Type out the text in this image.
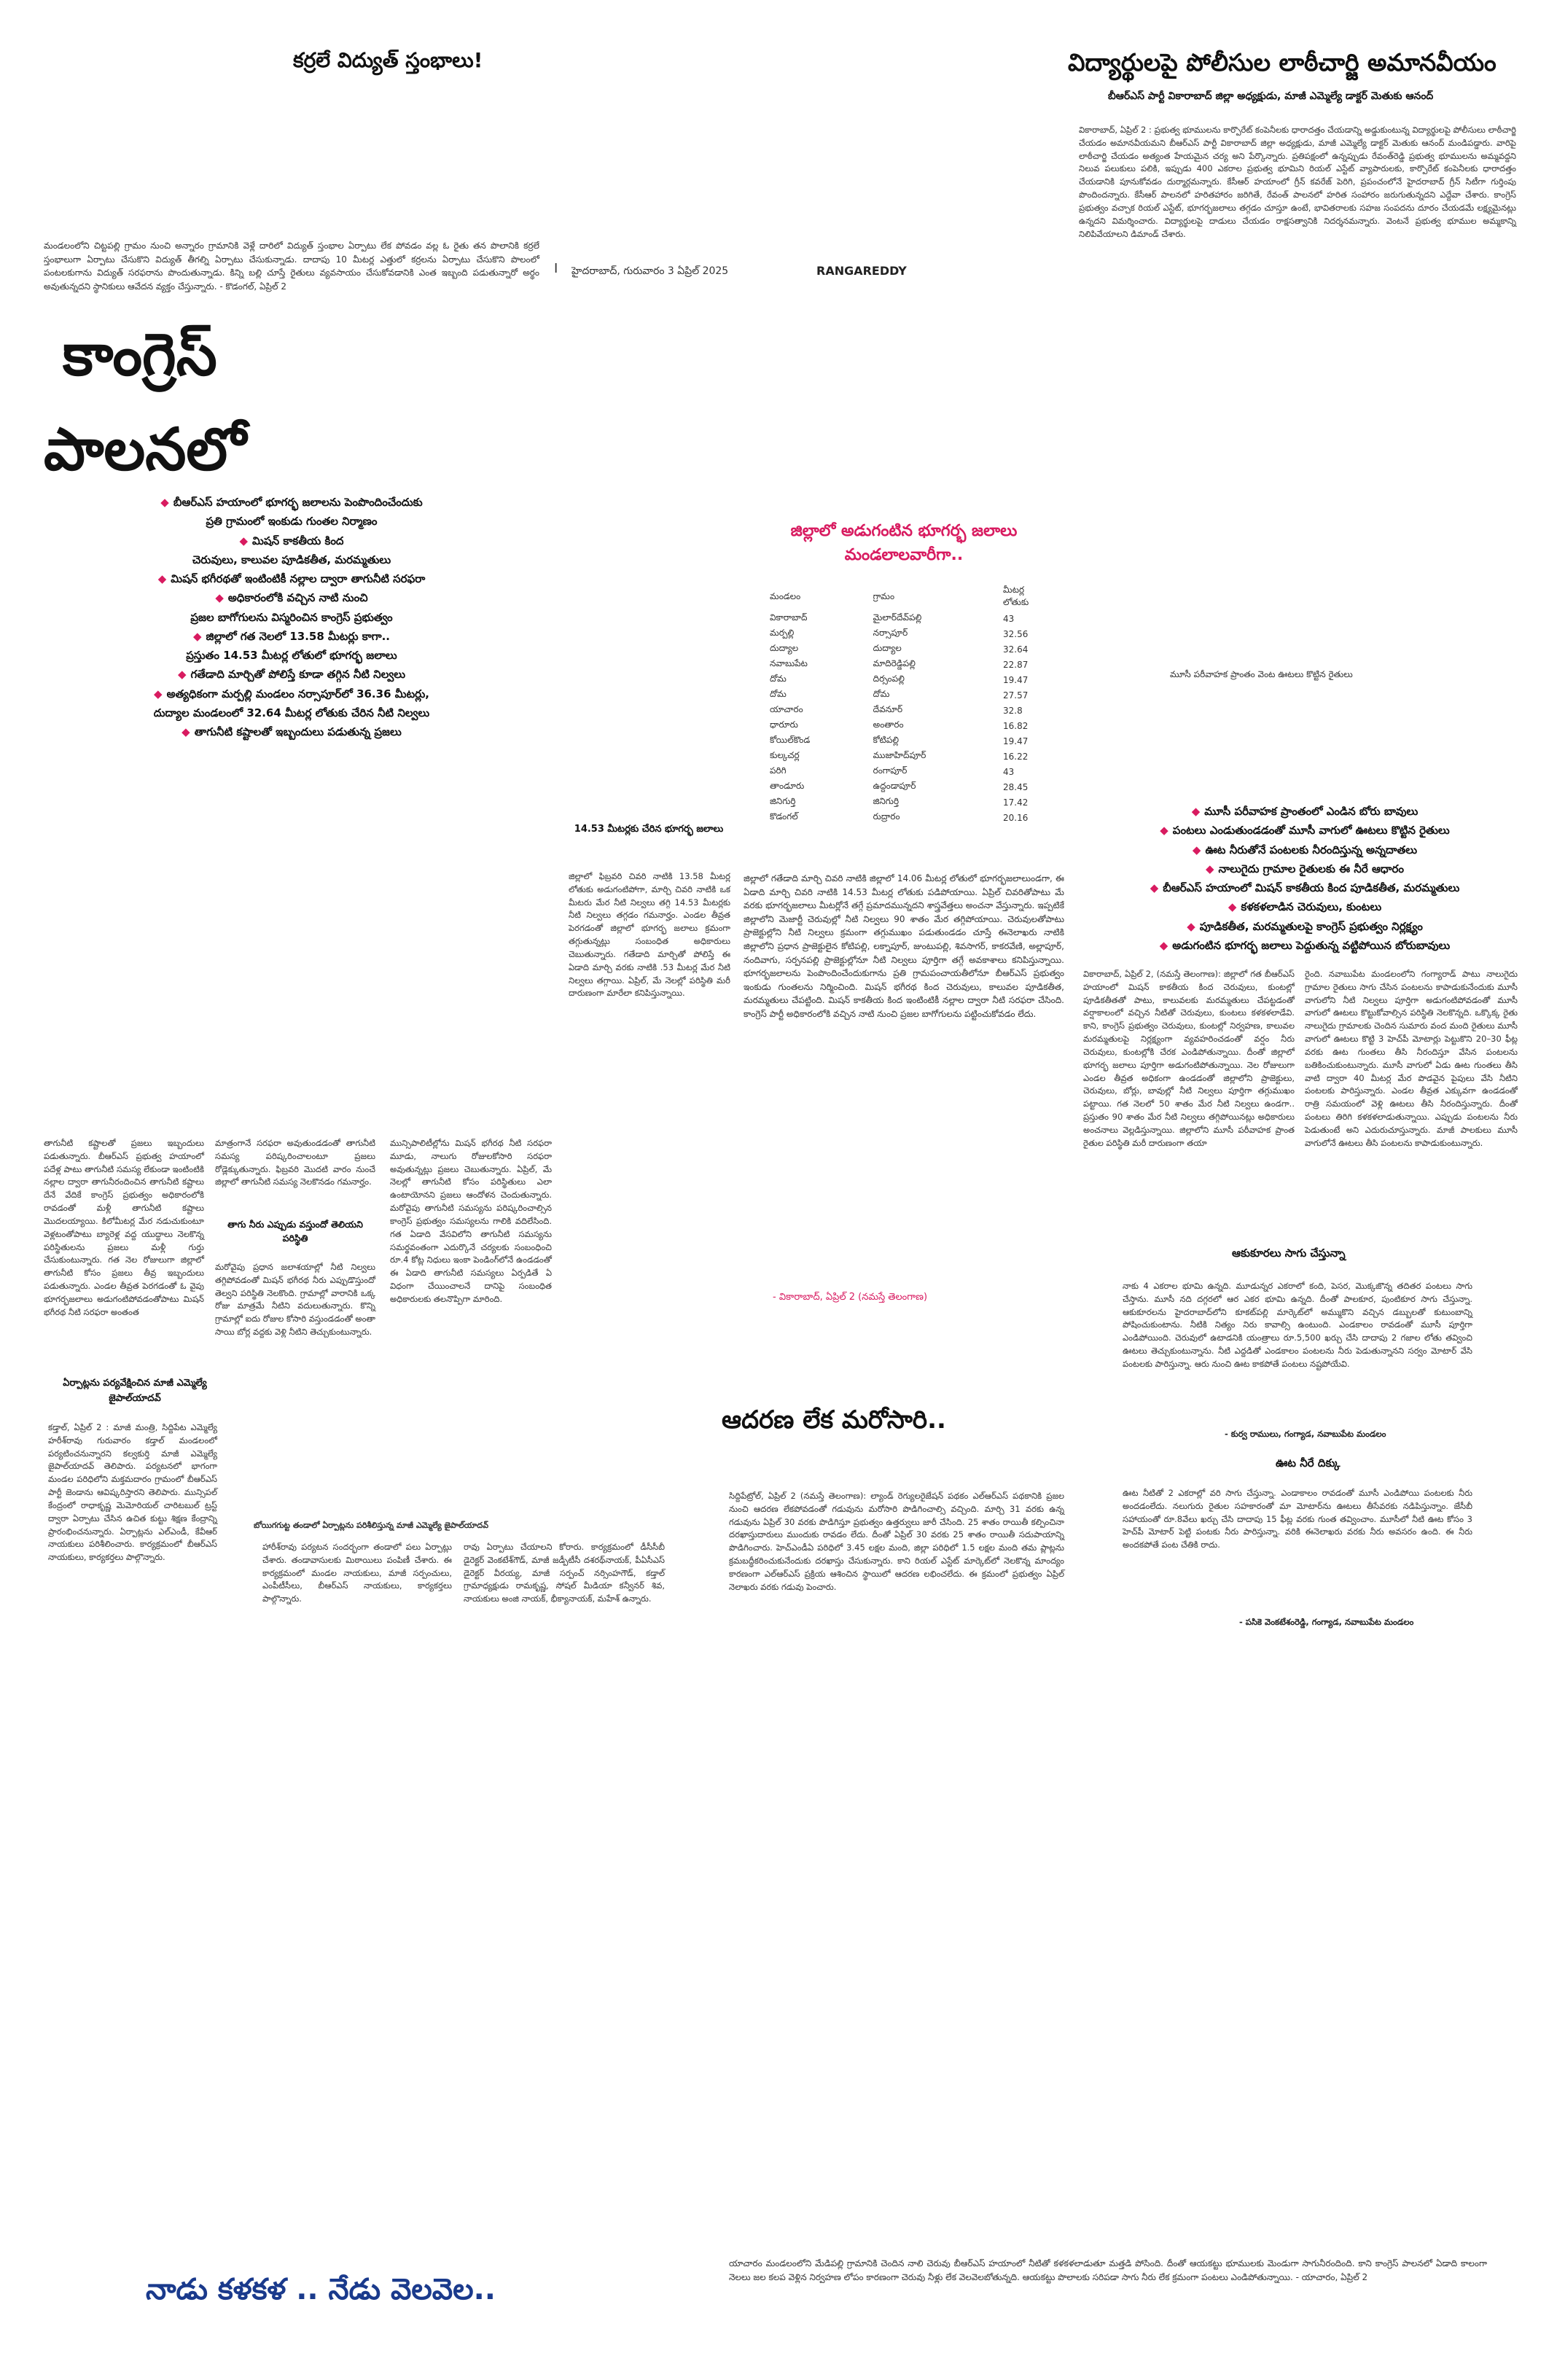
కర్రలే విద్యుత్ స్తంభాలు!
మండలంలోని చిట్టపల్లి గ్రామం నుంచి అన్నారం గ్రామానికి వెళ్లే దారిలో విద్యుత్ స్తంభాల ఏర్పాటు లేక పోవడం వల్ల ఓ రైతు తన పొలానికి కర్రలే స్తంభాలుగా ఏర్పాటు చేసుకొని విద్యుత్ తీగల్ని ఏర్పాటు చేసుకున్నాడు. దాదాపు 10 మీటర్ల ఎత్తులో కర్రలను ఏర్పాటు చేసుకొని పొలంలో పంటలకుగాను విద్యుత్ సరఫరాను పొందుతున్నాడు. కిన్ని బల్లి చూస్తే రైతులు వ్యవసాయం చేసుకోవడానికి ఎంత ఇబ్బంది పడుతున్నారో అర్థం అవుతున్నదని స్థానికులు ఆవేదన వ్యక్తం చేస్తున్నారు. - కొడంగల్, ఏప్రిల్ 2
I హైదరాబాద్, గురువారం 3 ఏప్రిల్ 2025	RANGAREDDY
విద్యార్థులపై పోలీసుల లాఠీచార్జి అమానవీయం
బీఆర్ఎస్ పార్టీ వికారాబాద్ జిల్లా అధ్యక్షుడు, మాజీ ఎమ్మెల్యే డాక్టర్ మెతుకు ఆనంద్
వికారాబాద్, ఏప్రిల్ 2 : ప్రభుత్వ భూములను కార్పొరేట్ కంపెనీలకు ధారాదత్తం చేయడాన్ని అడ్డుకుంటున్న విద్యార్థులపై పోలీసులు లాఠీచార్జి చేయడం అమానవీయమని బీఆర్ఎస్ పార్టీ వికారాబాద్ జిల్లా అధ్యక్షుడు, మాజీ ఎమ్మెల్యే డాక్టర్ మెతుకు ఆనంద్ మండిపడ్డారు. వారిపై లాఠీచార్జి చేయడం అత్యంత హేయమైన చర్య అని పేర్కొన్నారు. ప్రతిపక్షంలో ఉన్నప్పుడు రేవంత్‌రెడ్డి ప్రభుత్వ భూములను అమ్మవద్దని నిలువ పలుకులు పలికి, ఇప్పుడు 400 ఎకరాల ప్రభుత్వ భూమిని రియల్ ఎస్టేట్ వ్యాపారులకు, కార్పొరేట్ కంపెనీలకు ధారాదత్తం చేయడానికి పూనుకోవడం దుర్మార్గమన్నారు. కేసీఆర్ హయాంలో గ్రీన్ కవరేజ్ పెరిగి, ప్రపంచంలోనే హైదరాబాద్ గ్రీన్ సిటీగా గుర్తింపు పొందిందన్నారు. కేసీఆర్ పాలనలో హరితహారం జరిగితే, రేవంత్ పాలనలో హరిత సంహారం జరుగుతున్నదని ఎద్దేవా చేశారు. కాంగ్రెస్ ప్రభుత్వం వచ్చాక రియల్ ఎస్టేట్, భూగర్భజలాలు తగ్గడం చూస్తూ ఉంటే, భావితరాలకు సహజ సంపదను దూరం చేయడమే లక్ష్యమైనట్లు ఉన్నదని విమర్శించారు. విద్యార్థులపై దాడులు చేయడం రాక్షసత్వానికి నిదర్శనమన్నారు. వెంటనే ప్రభుత్వ భూముల అమ్మకాన్ని నిలిపివేయాలని డిమాండ్ చేశారు.
కాంగ్రెస్
పాలనలో
◆ బీఆర్ఎస్ హయాంలో భూగర్భ జలాలను పెంపొందించేందుకు
ప్రతి గ్రామంలో ఇంకుడు గుంతల నిర్మాణం
◆ మిషన్ కాకతీయ కింద
చెరువులు, కాలువల పూడికతీత, మరమ్మతులు
◆ మిషన్ భగీరథతో ఇంటింటికీ నల్లాల ద్వారా తాగునీటి సరఫరా
◆ అధికారంలోకి వచ్చిన నాటి నుంచి
ప్రజల బాగోగులను విస్మరించిన కాంగ్రెస్ ప్రభుత్వం
◆ జిల్లాలో గత నెలలో 13.58 మీటర్లు కాగా..
ప్రస్తుతం 14.53 మీటర్ల లోతులో భూగర్భ జలాలు
◆ గతేడాది మార్చితో పోలిస్తే కూడా తగ్గిన నీటి నిల్వలు
◆ అత్యధికంగా మర్పల్లి మండలం నర్సాపూర్‌లో 36.36 మీటర్లు,
దుద్యాల మండలంలో 32.64 మీటర్ల లోతుకు చేరిన నీటి నిల్వలు
◆ తాగునీటి కష్టాలతో ఇబ్బందులు పడుతున్న ప్రజలు
14.53 మీటర్లకు చేరిన భూగర్భ జలాలు
జిల్లాలో ఫిబ్రవరి చివరి నాటికి 13.58 మీటర్ల లోతుకు అడుగంటిపోగా, మార్చి చివరి నాటికి ఒక మీటరు మేర నీటి నిల్వలు తగ్గి 14.53 మీటర్లకు నీటి నిల్వలు తగ్గడం గమనార్హం. ఎండల తీవ్రత పెరగడంతో జిల్లాలో భూగర్భ జలాలు క్రమంగా తగ్గుతున్నట్లు సంబంధిత అధికారులు చెబుతున్నారు. గతేడాది మార్చితో పోలిస్తే ఈ ఏడాది మార్చి వరకు నాటికి .53 మీటర్ల మేర నీటి నిల్వలు తగ్గాయి. ఏప్రిల్, మే నెలల్లో పరిస్థితి మరీ దారుణంగా మారేలా కనిపిస్తున్నాయి.
తాగునీటి కష్టాలతో ప్రజలు ఇబ్బందులు పడుతున్నారు. బీఆర్ఎస్ ప్రభుత్వ హయాంలో పదేళ్ల పాటు తాగునీటి సమస్య లేకుండా ఇంటింటికి నల్లాల ద్వారా తాగునీరందించిన తాగునీటి కష్టాలు దేనే వేదికే కాంగ్రెస్ ప్రభుత్వం అధికారంలోకి రావడంతో మళ్లీ తాగునీటి కష్టాలు మొదలయ్యాయి. కిలోమీటర్ల మేర నడుచుకుంటూ వెళ్లటంతోపాటు బ్యారెళ్ల వద్ద యుద్ధాలు నెలకొన్న పరిస్థితులను ప్రజలు మళ్లీ గుర్తు చేసుకుంటున్నారు. గత నెల రోజులుగా జిల్లాలో తాగునీటి కోసం ప్రజలు తీవ్ర ఇబ్బందులు పడుతున్నారు. ఎండల తీవ్రత పెరగడంతో ఓ వైపు భూగర్భజలాలు అడుగంటిపోవడంతోపాటు మిషన్ భగీరథ నీటి సరఫరా అంతంత
మాత్రంగానే సరఫరా అవుతుండడంతో తాగునీటి సమస్య పరిష్కరించాలంటూ ప్రజలు రోడ్లెక్కుతున్నారు. ఫిబ్రవరి మొదటి వారం నుంచే జిల్లాలో తాగునీటి సమస్య నెలకొనడం గమనార్హం.
తాగు నీరు ఎప్పుడు వస్తుందో తెలియని పరిస్థితి
మరోవైపు ప్రధాన జలాశయాల్లో నీటి నిల్వలు తగ్గిపోవడంతో మిషన్ భగీరథ నీరు ఎప్పుడొస్తుందో తెల్వని పరిస్థితి నెలకొంది. గ్రామాల్లో వారానికి ఒక్క రోజు మాత్రమే నీటిని వదులుతున్నారు. కొన్ని గ్రామాల్లో ఐదు రోజుల కోసారి వస్తుండడంతో అంతా సాయి బోర్ల వద్దకు వెళ్లి నీటిని తెచ్చుకుంటున్నారు.
మున్సిపాలిటీల్లోను మిషన్ భగీరథ నీటి సరఫరా మూడు, నాలుగు రోజులకోసారి సరఫరా అవుతున్నట్లు ప్రజలు చెబుతున్నారు. ఏప్రిల్, మే నెలల్లో తాగునీటి కోసం పరిస్థితులు ఎలా ఉంటాయోనని ప్రజలు ఆందోళన చెందుతున్నారు. మరోవైపు తాగునీటి సమస్యను పరిష్కరించాల్సిన కాంగ్రెస్ ప్రభుత్వం సమస్యలను గాలికి వదిలేసింది. గత ఏడాది వేసవిలోని తాగునీటి సమస్యను సమర్థవంతంగా ఎదుర్కొనే చర్యలకు సంబంధించి రూ.4 కోట్ల నిధులు ఇంకా పెండింగ్‌లోనే ఉండడంతో ఈ ఏడాది తాగునీటి సమస్యలు ఏర్పడితే ఏ విధంగా చేయించాలనే దానిపై సంబంధిత అధికారులకు తలనొప్పిగా మారింది.
జిల్లాలో అడుగంటిన భూగర్భ జలాలు మండలాలవారీగా..
మండలం	గ్రామం	మీటర్ల లోతుకు
వికారాబాద్	మైలార్‌దేవ్‌పల్లి	43
మర్పల్లి	నర్సాపూర్	32.56
దుద్యాల	దుద్యాల	32.64
నవాబుపేట	మాదిరెడ్డిపల్లి	22.87
దోమ	దిర్సంపల్లి	19.47
దోమ	దోమ	27.57
యాచారం	దేవనూర్	32.8
ధారూరు	అంతారం	16.82
కోయిల్‌కొండ	కోటిపల్లి	19.47
కుల్కచర్ల	ముజాహిద్‌పూర్	16.22
పరిగి	రంగాపూర్	43
తాండూరు	ఉద్దండాపూర్	28.45
జినిగుర్తి	జినిగుర్తి	17.42
కొడంగల్	రుద్రారం	20.16
జిల్లాలో గతేడాది మార్చి చివరి నాటికి జిల్లాలో 14.06 మీటర్ల లోతులో భూగర్భజలాలుండగా, ఈ ఏడాది మార్చి చివరి నాటికి 14.53 మీటర్ల లోతుకు పడిపోయాయి. ఏప్రిల్ చివరితోపాటు మే వరకు భూగర్భజలాలు మీటర్లోనే తగ్గే ప్రమాదమున్నదని శాస్త్రవేత్తలు అంచనా వేస్తున్నారు. ఇప్పటికే జిల్లాలోని మెజార్టీ చెరువుల్లో నీటి నిల్వలు 90 శాతం మేర తగ్గిపోయాయి. చెరువులతోపాటు ప్రాజెక్టుల్లోని నీటి నిల్వలు క్రమంగా తగ్గుముఖం పడుతుండడం చూస్తే ఈనెలాఖరు నాటికి జిల్లాలోని ప్రధాన ప్రాజెక్టులైన కోటిపల్లి, లక్నాపూర్, జుంటుపల్లి, శివసాగర్, కాకరవేణి, అల్లాపూర్, నందివాగు, సర్పనపల్లి ప్రాజెక్టుల్లోనూ నీటి నిల్వలు పూర్తిగా తగ్గే అవకాశాలు కనిపిస్తున్నాయి. భూగర్భజలాలను పెంపొందించేందుకుగాను ప్రతి గ్రామపంచాయతీలోనూ బీఆర్ఎస్ ప్రభుత్వం ఇంకుడు గుంతలను నిర్మించింది. మిషన్ భగీరథ కింద చెరువులు, కాలువల పూడికతీత, మరమ్మతులు చేపట్టింది. మిషన్ కాకతీయ కింద ఇంటింటికీ నల్లాల ద్వారా నీటి సరఫరా చేసింది. కాంగ్రెస్ పార్టీ అధికారంలోకి వచ్చిన నాటి నుంచి ప్రజల బాగోగులను పట్టించుకోవడం లేదు.
- వికారాబాద్, ఏప్రిల్ 2 (నమస్తే తెలంగాణ)
మూసీ పరీవాహక ప్రాంతం వెంట ఊటలు కొట్టిన రైతులు
◆ మూసీ పరీవాహక ప్రాంతంలో ఎండిన బోరు బావులు
◆ పంటలు ఎండుతుండడంతో మూసీ వాగులో ఊటలు కొట్టిన రైతులు
◆ ఊట నీరుతోనే పంటలకు నీరందిస్తున్న అన్నదాతలు
◆ నాలుగైదు గ్రామాల రైతులకు ఈ నీరే ఆధారం
◆ బీఆర్ఎస్ హయాంలో మిషన్ కాకతీయ కింద పూడికతీత, మరమ్మతులు
◆ కళకళలాడిన చెరువులు, కుంటలు
◆ పూడికతీత, మరమ్మతులపై కాంగ్రెస్ ప్రభుత్వం నిర్లక్ష్యం
◆ అడుగంటిన భూగర్భ జలాలు పెద్దుతున్న వట్టిపోయిన బోరుబావులు
వికారాబాద్, ఏప్రిల్ 2, (నమస్తే తెలంగాణ): జిల్లాలో గత బీఆర్ఎస్ హయాంలో మిషన్ కాకతీయ కింద చెరువులు, కుంటల్లో పూడికతీతతో పాటు, కాలువలకు మరమ్మతులు చేపట్టడంతో వర్షాకాలంలో వచ్చిన నీటితో చెరువులు, కుంటలు కళకళలాడేవి. కాని, కాంగ్రెస్ ప్రభుత్వం చెరువులు, కుంటల్లో నిర్వహణ, కాలువల మరమ్మతులపై నిర్లక్ష్యంగా వ్యవహరించడంతో వర్షం నీరు చెరువులు, కుంటల్లోకి చేరక ఎండిపోతున్నాయి. దీంతో జిల్లాలో భూగర్భ జలాలు పూర్తిగా అడుగంటిపోతున్నాయి. నెల రోజులుగా ఎండల తీవ్రత అధికంగా ఉండడంతో జిల్లాలోని ప్రాజెక్టులు, చెరువులు, బోర్లు, బావుల్లో నీటి నిల్వలు పూర్తిగా తగ్గుముఖం పట్టాయి. గత నెలలో 50 శాతం మేర నీటి నిల్వలు ఉండగా.. ప్రస్తుతం 90 శాతం మేర నీటి నిల్వలు తగ్గిపోయినట్లు అధికారులు అంచనాలు వెల్లడిస్తున్నాయి. జిల్లాలోని మూసీ పరీవాహక ప్రాంత రైతుల పరిస్థితి మరీ దారుణంగా తయా
రైంది. నవాబుపేట మండలంలోని గంగ్యారాడ్ పాటు నాలుగైదు గ్రామాల రైతులు సాగు చేసిన పంటలను కాపాడుకునేందుకు మూసీ వాగులోని నీటి నిల్వలు పూర్తిగా అడుగంటిపోవడంతో మూసీ వాగులో ఊటలు కొట్టుకోవాల్సిన పరిస్థితి నెలకొన్నది. ఒక్కొక్క రైతు నాలుగైదు గ్రామాలకు చెందిన సుమారు వంద మంది రైతులు మూసీ వాగులో ఊటలు కొట్టి 3 హెచ్‌పీ మోటార్లు పెట్టుకొని 20–30 ఫీట్ల వరకు ఊట గుంతలు తీసి నీరందిస్తూ వేసిన పంటలను బతికించుకుంటున్నారు. మూసీ వాగులో ఏడు ఊట గుంతలు తీసి వాటి ద్వారా 40 మీటర్ల మేర పొడవైన పైపులు వేసి నీటిని పంటలకు పారిస్తున్నారు. ఎండల తీవ్రత ఎక్కువగా ఉండడంతో రాత్రి సమయంలో వెళ్లి ఊటలు తీసి నీరందిస్తున్నారు. దీంతో పంటలు తిరిగి కళకళలాడుతున్నాయి. ఎప్పుడు పంటలను నీరు పెడుతుంటే అని ఎదురుచూస్తున్నారు. మాజీ పాలకులు మూసీ వాగులోనే ఊటలు తీసి పంటలను కాపాడుకుంటున్నారు.
ఆకుకూరలు సాగు చేస్తున్నా
నాకు 4 ఎకరాల భూమి ఉన్నది. మూడున్నర ఎకరాలో కంది, పెసర, మొక్కజొన్న తదితర పంటలు సాగు చేస్తాను. మూసీ నది దగ్గరలో ఆర ఎకర భూమి ఉన్నది. దీంతో పాలకూర, పుంటికూర సాగు చేస్తున్నా. ఆకుకూరలను హైదరాబాద్‌లోని కూకట్‌పల్లి మార్కెట్‌లో అమ్ముకొని వచ్చిన డబ్బులతో కుటుంబాన్ని పోషించుకుంటాను. నీటికి నిత్యం నిరు కావాల్సి ఉంటుంది. ఎండకాలం రావడంతో మూసీ పూర్తిగా ఎండిపోయింది. చెరువులో ఉటాడనికి యంత్రాలు రూ.5,500 ఖర్చు చేసి దాదాపు 2 గజాల లోతు తవ్వించి ఊటలు తెచ్చుకుంటున్నాను. నీటి ఎద్దడితో ఎండకాలం పంటలను నీరు పెడుతున్నానని సర్వం మోటార్ వేసి పంటలకు పారిస్తున్నా. ఆరు నుంచి ఊట కాకపోతే పంటలు నష్టపోయేవి.
- కుర్వ రాములు, గంగ్యాడ, నవాబుపేట మండలం
ఊట నీరే దిక్కు
ఊట నీటితో 2 ఎకరాల్లో వరి సాగు చేస్తున్నా. ఎండాకాలం రావడంతో మూసీ ఎండిపోయి పంటలకు నీరు అందడంలేదు. నలుగురు రైతుల సహకారంతో మా మోటార్‌ను ఊటలు తీసేవరకు నడిపిస్తున్నాం. జేసీబీ సహాయంతో రూ.8వేలు ఖర్చు చేసి దాదాపు 15 ఫీట్ల వరకు గుంత తవ్వించాం. మూసీలో నీటి ఊట కోసం 3 హెచ్‌పీ మోటార్ పెట్టి పంటకు నీరు పారిస్తున్నా. వరికి ఈనెలాఖరు వరకు నీరు అవసరం ఉంది. ఈ నీరు అందకపోతే పంట చేతికి రాదు.
- పసికె వెంకటేశంరెడ్డి, గంగ్యాడ, నవాబుపేట మండలం
ఏర్పాట్లను పర్యవేక్షించిన మాజీ ఎమ్మెల్యే జైపాల్‌యాదవ్
కడ్తాల్, ఏప్రిల్ 2 : మాజీ మంత్రి, సిద్దిపేట ఎమ్మెల్యే హరీశ్‌రావు గురువారం కడ్తాల్ మండలంలో పర్యటించనున్నారని కల్వకుర్తి మాజీ ఎమ్మెల్యే జైపాల్‌యాదవ్ తెలిపారు. పర్యటనలో భాగంగా మండల పరిధిలోని మక్తమదారం గ్రామంలో బీఆర్ఎస్ పార్టీ జెండాను ఆవిష్కరిస్తారని తెలిపారు. మున్సిపల్ కేంద్రంలో రాధాకృష్ణ మెమోరియల్ చారిటబుల్ ట్రస్ట్ ద్వారా ఏర్పాటు చేసిన ఉచిత కుట్టు శిక్షణ కేంద్రాన్ని ప్రారంభించనున్నారు. ఏర్పాట్లను ఎల్‌ఎండీ, కేవీఆర్ నాయకులు పరిశీలించారు. కార్యక్రమంలో బీఆర్ఎస్ నాయకులు, కార్యకర్తలు పాల్గొన్నారు.
బోయిగగుట్ట తండాలో ఏర్పాట్లను పరిశీలిస్తున్న మాజీ ఎమ్మెల్యే జైపాల్‌యాదవ్
హారీశ్‌రావు పర్యటన సందర్భంగా తండాలో పలు ఏర్పాట్లు చేశారు. తండావాసులకు మిఠాయిలు పంపిణీ చేశారు. ఈ కార్యక్రమంలో మండల నాయకులు, మాజీ సర్పంచులు, ఎంపీటీసీలు, బీఆర్ఎస్ నాయకులు, కార్యకర్తలు పాల్గొన్నారు.
రావు ఏర్పాటు చేయాలని కోరారు. కార్యక్రమంలో డీసీసీబీ డైరెక్టర్ వెంకటేశ్‌గౌడ్, మాజీ జడ్పీటీసీ దశరథ్‌నాయక్, పీఏసీఎస్ డైరెక్టర్ వీరయ్య, మాజీ సర్పంచ్ నర్సింహగౌడ్, కడ్తాల్ గ్రామాధ్యక్షుడు రామకృష్ణ, సోషల్ మీడియా కన్వీనర్ శివ, నాయకులు అంజి నాయక్, భీక్యానాయక్, మహేశ్ ఉన్నారు.
ఆదరణ లేక మరోసారి..
సిద్దిపేట్రోల్, ఏప్రిల్ 2 (నమస్తే తెలంగాణ): ల్యాండ్ రెగ్యులరైజేషన్ పథకం ఎల్‌ఆర్‌ఎస్ పథకానికి ప్రజల నుంచి ఆదరణ లేకపోవడంతో గడువును మరోసారి పొడిగించాల్సి వచ్చింది. మార్చి 31 వరకు ఉన్న గడువును ఏప్రిల్ 30 వరకు పొడిగిస్తూ ప్రభుత్వం ఉత్తర్వులు జారీ చేసింది. 25 శాతం రాయితీ కల్పించినా దరఖాస్తుదారులు ముందుకు రావడం లేదు. దీంతో ఏప్రిల్ 30 వరకు 25 శాతం రాయితీ సదుపాయాన్ని పొడిగించారు. హెచ్ఎండీఏ పరిధిలో 3.45 లక్షల మంది, జిల్లా పరిధిలో 1.5 లక్షల మంది తమ ప్లాట్లను క్రమబద్ధీకరించుకునేందుకు దరఖాస్తు చేసుకున్నారు. కాని రియల్ ఎస్టేట్ మార్కెట్‌లో నెలకొన్న మాంద్యం కారణంగా ఎల్‌ఆర్‌ఎస్ ప్రక్రియ ఆశించిన స్థాయిలో ఆదరణ లభించలేదు. ఈ క్రమంలో ప్రభుత్వం ఏప్రిల్ నెలాఖరు వరకు గడువు పెంచారు.
నాడు కళకళ .. నేడు వెలవెల..
యాచారం మండలంలోని మేడిపల్లి గ్రామానికి చెందిన నాలి చెరువు బీఆర్ఎస్ హయాంలో నీటితో కళకళలాడుతూ మత్తడి పోసింది. దీంతో ఆయకట్టు భూములకు మెండుగా సాగునీరందింది. కాని కాంగ్రెస్ పాలనలో ఏడాది కాలంగా నెలలు జల కలప వెళ్లిన నిర్వహణ లోపం కారణంగా చెరువు నీళ్లు లేక వెలవెలబోతున్నది. ఆయకట్టు పొలాలకు సరిపడా సాగు నీరు లేక క్రమంగా పంటలు ఎండిపోతున్నాయి. - యాచారం, ఏప్రిల్ 2
